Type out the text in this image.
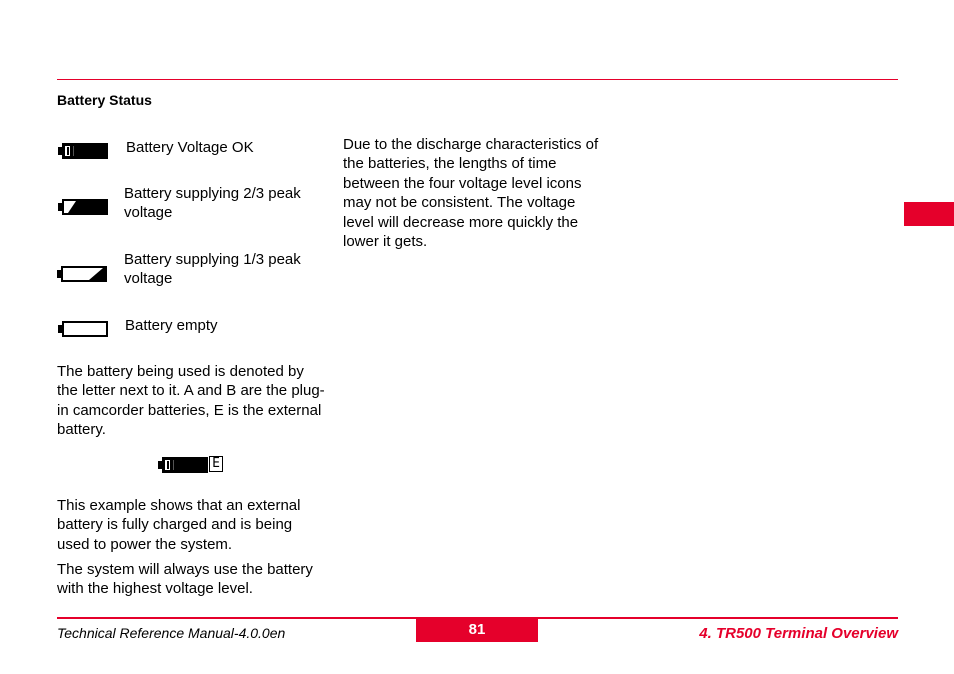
Battery Status
Battery Voltage OK
Battery supplying 2/3 peak voltage
Battery supplying 1/3 peak voltage
Battery empty
Due to the discharge characteristics of the batteries, the lengths of time between the four voltage level icons may not be consistent. The voltage level will decrease more quickly the lower it gets.
The battery being used is denoted by the letter next to it. A and B are the plug-in camcorder batteries, E is the external battery.
E
This example shows that an external battery is fully charged and is being used to power the system.
The system will always use the battery with the highest voltage level.
Technical Reference Manual-4.0.0en	81	4. TR500 Terminal Overview
